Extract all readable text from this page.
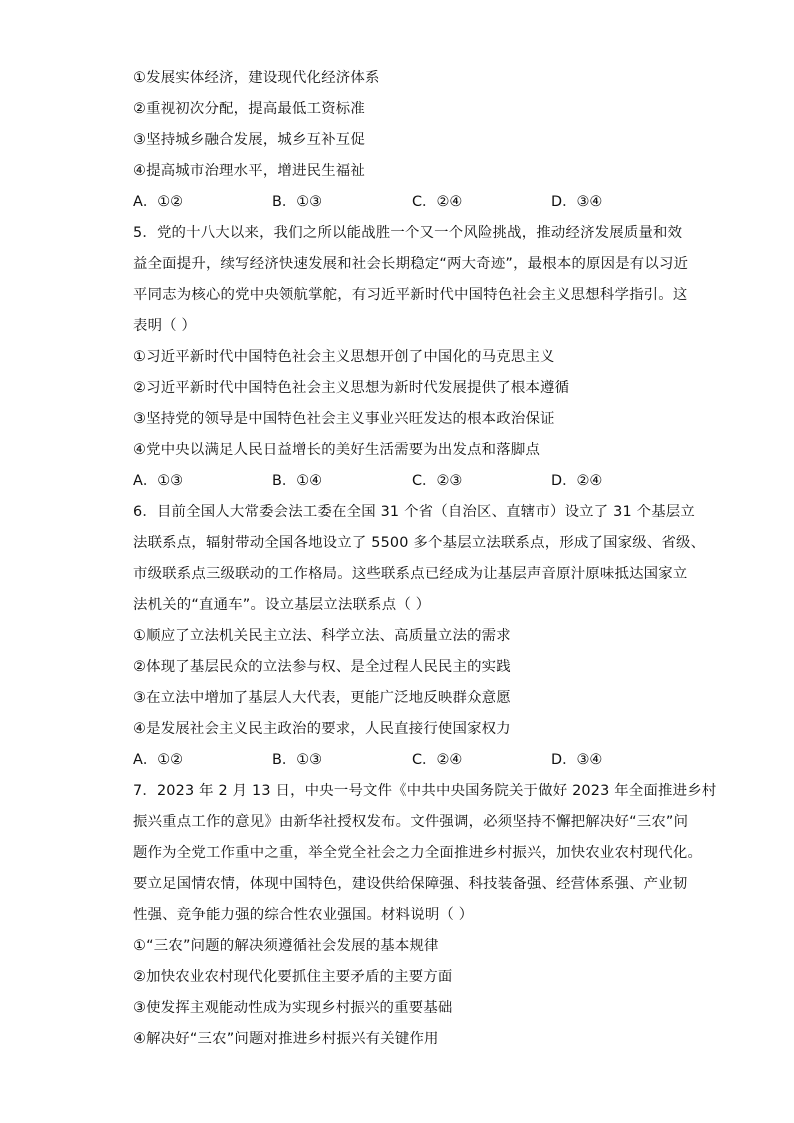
①发展实体经济，建设现代化经济体系
②重视初次分配，提高最低工资标准
③坚持城乡融合发展，城乡互补互促
④提高城市治理水平，增进民生福祉
A．①②	B．①③	C．②④	D．③④
5．党的十八大以来，我们之所以能战胜一个又一个风险挑战，推动经济发展质量和效
益全面提升，续写经济快速发展和社会长期稳定“两大奇迹”，最根本的原因是有以习近
平同志为核心的党中央领航掌舵，有习近平新时代中国特色社会主义思想科学指引。这
表明（ ）
①习近平新时代中国特色社会主义思想开创了中国化的马克思主义
②习近平新时代中国特色社会主义思想为新时代发展提供了根本遵循
③坚持党的领导是中国特色社会主义事业兴旺发达的根本政治保证
④党中央以满足人民日益增长的美好生活需要为出发点和落脚点
A．①③	B．①④	C．②③	D．②④
6．目前全国人大常委会法工委在全国 31 个省（自治区、直辖市）设立了 31 个基层立
法联系点，辐射带动全国各地设立了 5500 多个基层立法联系点，形成了国家级、省级、
市级联系点三级联动的工作格局。这些联系点已经成为让基层声音原汁原味抵达国家立
法机关的“直通车”。设立基层立法联系点（ ）
①顺应了立法机关民主立法、科学立法、高质量立法的需求
②体现了基层民众的立法参与权、是全过程人民民主的实践
③在立法中增加了基层人大代表，更能广泛地反映群众意愿
④是发展社会主义民主政治的要求，人民直接行使国家权力
A．①②	B．①③	C．②④	D．③④
7．2023 年 2 月 13 日，中央一号文件《中共中央国务院关于做好 2023 年全面推进乡村
振兴重点工作的意见》由新华社授权发布。文件强调，必须坚持不懈把解决好“三农”问
题作为全党工作重中之重，举全党全社会之力全面推进乡村振兴，加快农业农村现代化。
要立足国情农情，体现中国特色，建设供给保障强、科技装备强、经营体系强、产业韧
性强、竞争能力强的综合性农业强国。材料说明（ ）
①“三农”问题的解决须遵循社会发展的基本规律
②加快农业农村现代化要抓住主要矛盾的主要方面
③使发挥主观能动性成为实现乡村振兴的重要基础
④解决好“三农”问题对推进乡村振兴有关键作用
